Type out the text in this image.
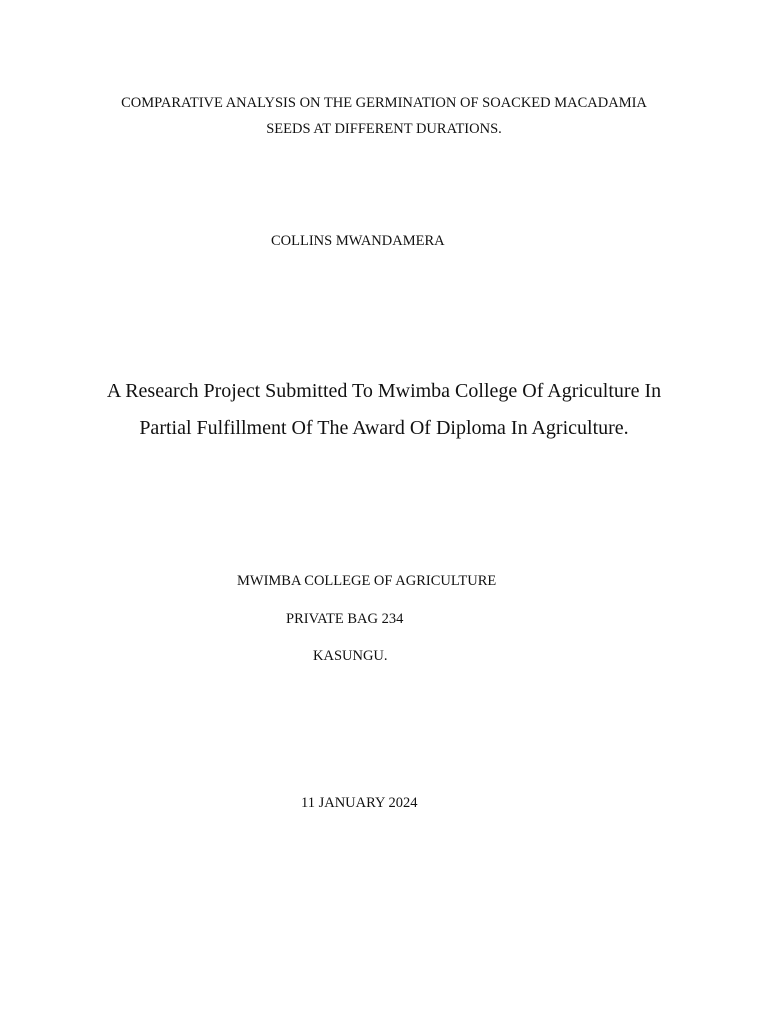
COMPARATIVE ANALYSIS ON THE GERMINATION OF SOACKED MACADAMIA
SEEDS AT DIFFERENT DURATIONS.
COLLINS MWANDAMERA
A Research Project Submitted To Mwimba College Of Agriculture In
Partial Fulfillment Of The Award Of Diploma In Agriculture.
MWIMBA COLLEGE OF AGRICULTURE
PRIVATE BAG 234
KASUNGU.
11 JANUARY 2024
